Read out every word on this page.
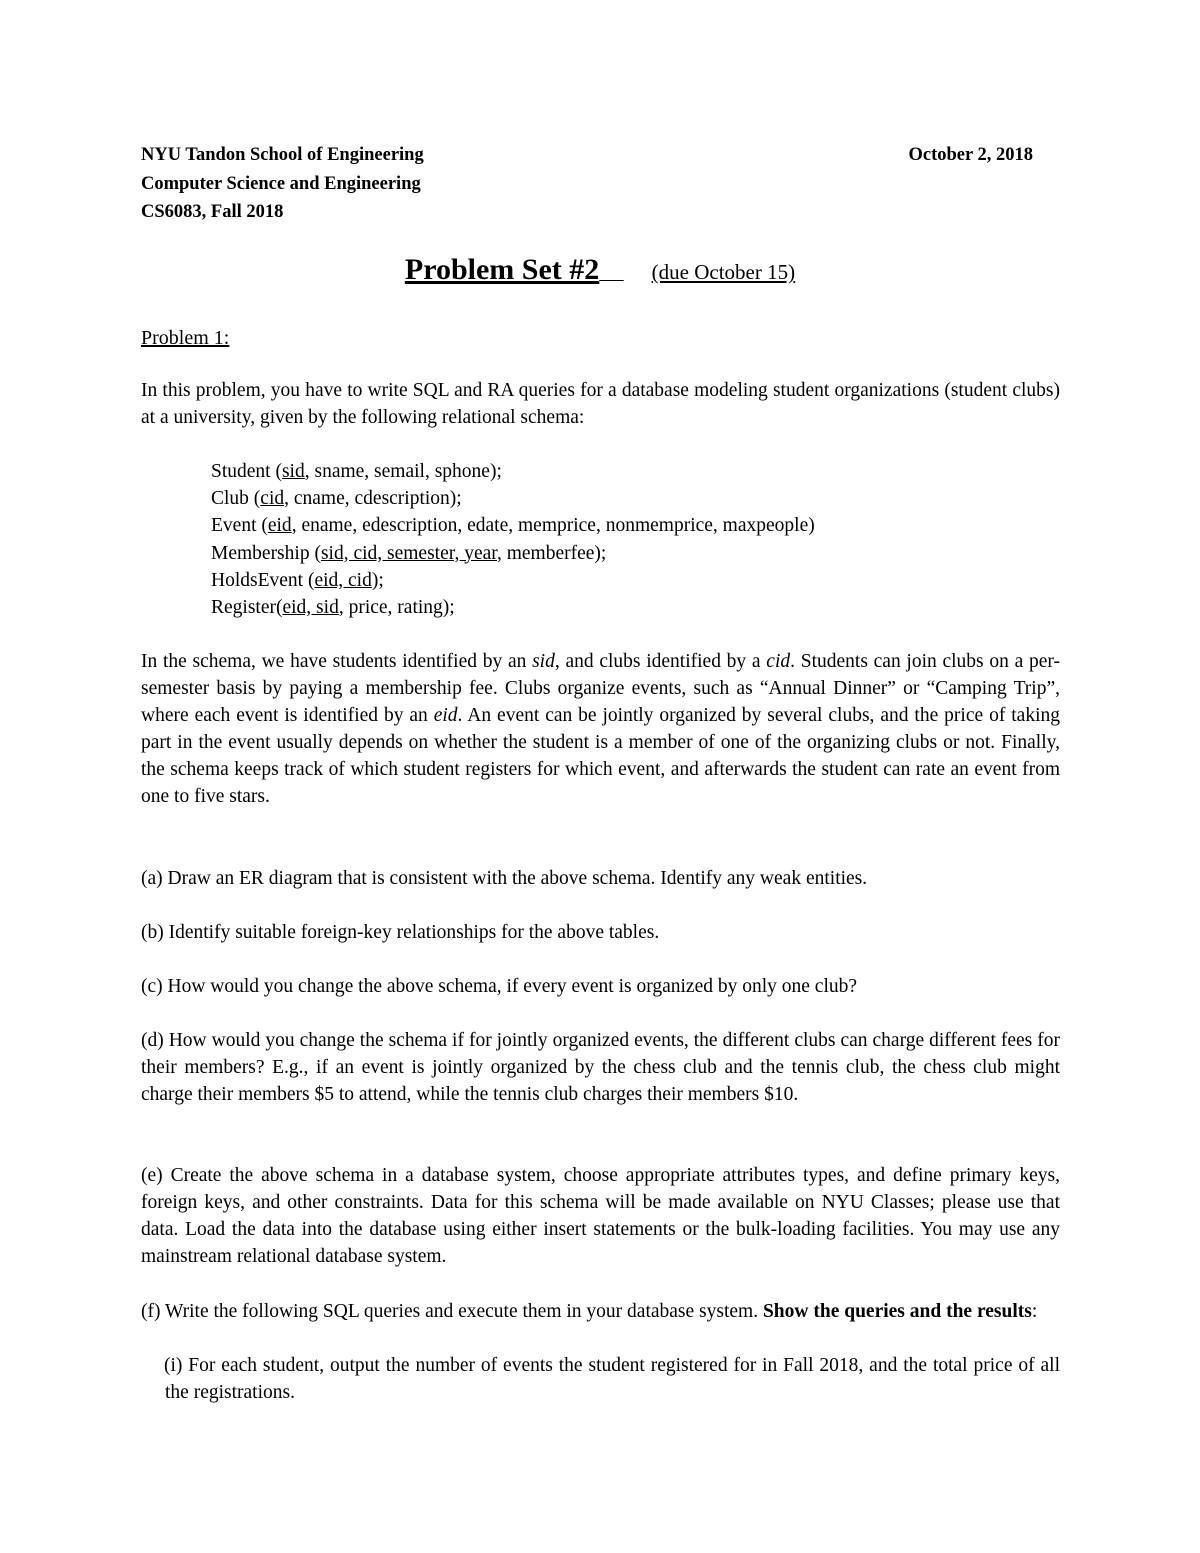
NYU Tandon School of Engineering
Computer Science and Engineering
CS6083, Fall 2018
October 2, 2018
Problem Set #2 (due October 15)
Problem 1:

In this problem, you have to write SQL and RA queries for a database modeling student organizations (student clubs) at a university, given by the following relational schema:

Student (sid, sname, semail, sphone);
Club (cid, cname, cdescription);
Event (eid, ename, edescription, edate, memprice, nonmemprice, maxpeople)
Membership (sid, cid, semester, year, memberfee);
HoldsEvent (eid, cid);
Register(eid, sid, price, rating);

In the schema, we have students identified by an sid, and clubs identified by a cid. Students can join clubs on a per-semester basis by paying a membership fee. Clubs organize events, such as “Annual Dinner” or “Camping Trip”, where each event is identified by an eid. An event can be jointly organized by several clubs, and the price of taking part in the event usually depends on whether the student is a member of one of the organizing clubs or not. Finally, the schema keeps track of which student registers for which event, and afterwards the student can rate an event from one to five stars.

(a) Draw an ER diagram that is consistent with the above schema. Identify any weak entities.

(b) Identify suitable foreign-key relationships for the above tables.

(c) How would you change the above schema, if every event is organized by only one club?

(d) How would you change the schema if for jointly organized events, the different clubs can charge different fees for their members? E.g., if an event is jointly organized by the chess club and the tennis club, the chess club might charge their members $5 to attend, while the tennis club charges their members $10.

(e) Create the above schema in a database system, choose appropriate attributes types, and define primary keys, foreign keys, and other constraints. Data for this schema will be made available on NYU Classes; please use that data. Load the data into the database using either insert statements or the bulk-loading facilities. You may use any mainstream relational database system.

(f) Write the following SQL queries and execute them in your database system. Show the queries and the results:

(i) For each student, output the number of events the student registered for in Fall 2018, and the total price of all the registrations.
